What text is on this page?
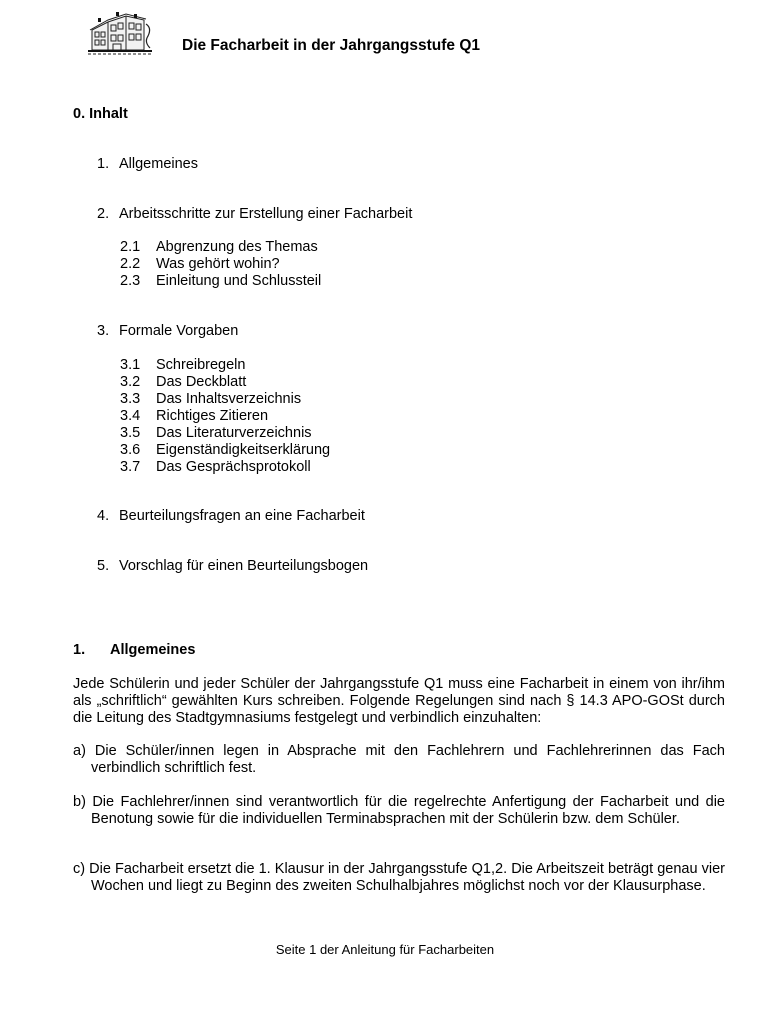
Die Facharbeit in der Jahrgangsstufe Q1
0. Inhalt
1. Allgemeines
2. Arbeitsschritte zur Erstellung einer Facharbeit
2.1 Abgrenzung des Themas
2.2 Was gehört wohin?
2.3 Einleitung und Schlussteil
3. Formale Vorgaben
3.1 Schreibregeln
3.2 Das Deckblatt
3.3 Das Inhaltsverzeichnis
3.4 Richtiges Zitieren
3.5 Das Literaturverzeichnis
3.6 Eigenständigkeitserklärung
3.7 Das Gesprächsprotokoll
4. Beurteilungsfragen an eine Facharbeit
5. Vorschlag für einen Beurteilungsbogen
1. Allgemeines
Jede Schülerin und jeder Schüler der Jahrgangsstufe Q1 muss eine Facharbeit in einem von ihr/ihm als „schriftlich“ gewählten Kurs schreiben. Folgende Regelungen sind nach § 14.3 APO-GOSt durch die Leitung des Stadtgymnasiums festgelegt und verbindlich einzuhalten:
a) Die Schüler/innen legen in Absprache mit den Fachlehrern und Fachlehrerinnen das Fach verbindlich schriftlich fest.
b) Die Fachlehrer/innen sind verantwortlich für die regelrechte Anfertigung der Facharbeit und die Benotung sowie für die individuellen Terminabsprachen mit der Schülerin bzw. dem Schüler.
c) Die Facharbeit ersetzt die 1. Klausur in der Jahrgangsstufe Q1,2. Die Arbeitszeit beträgt genau vier Wochen und liegt zu Beginn des zweiten Schulhalbjahres möglichst noch vor der Klausurphase.
Seite 1 der Anleitung für Facharbeiten
